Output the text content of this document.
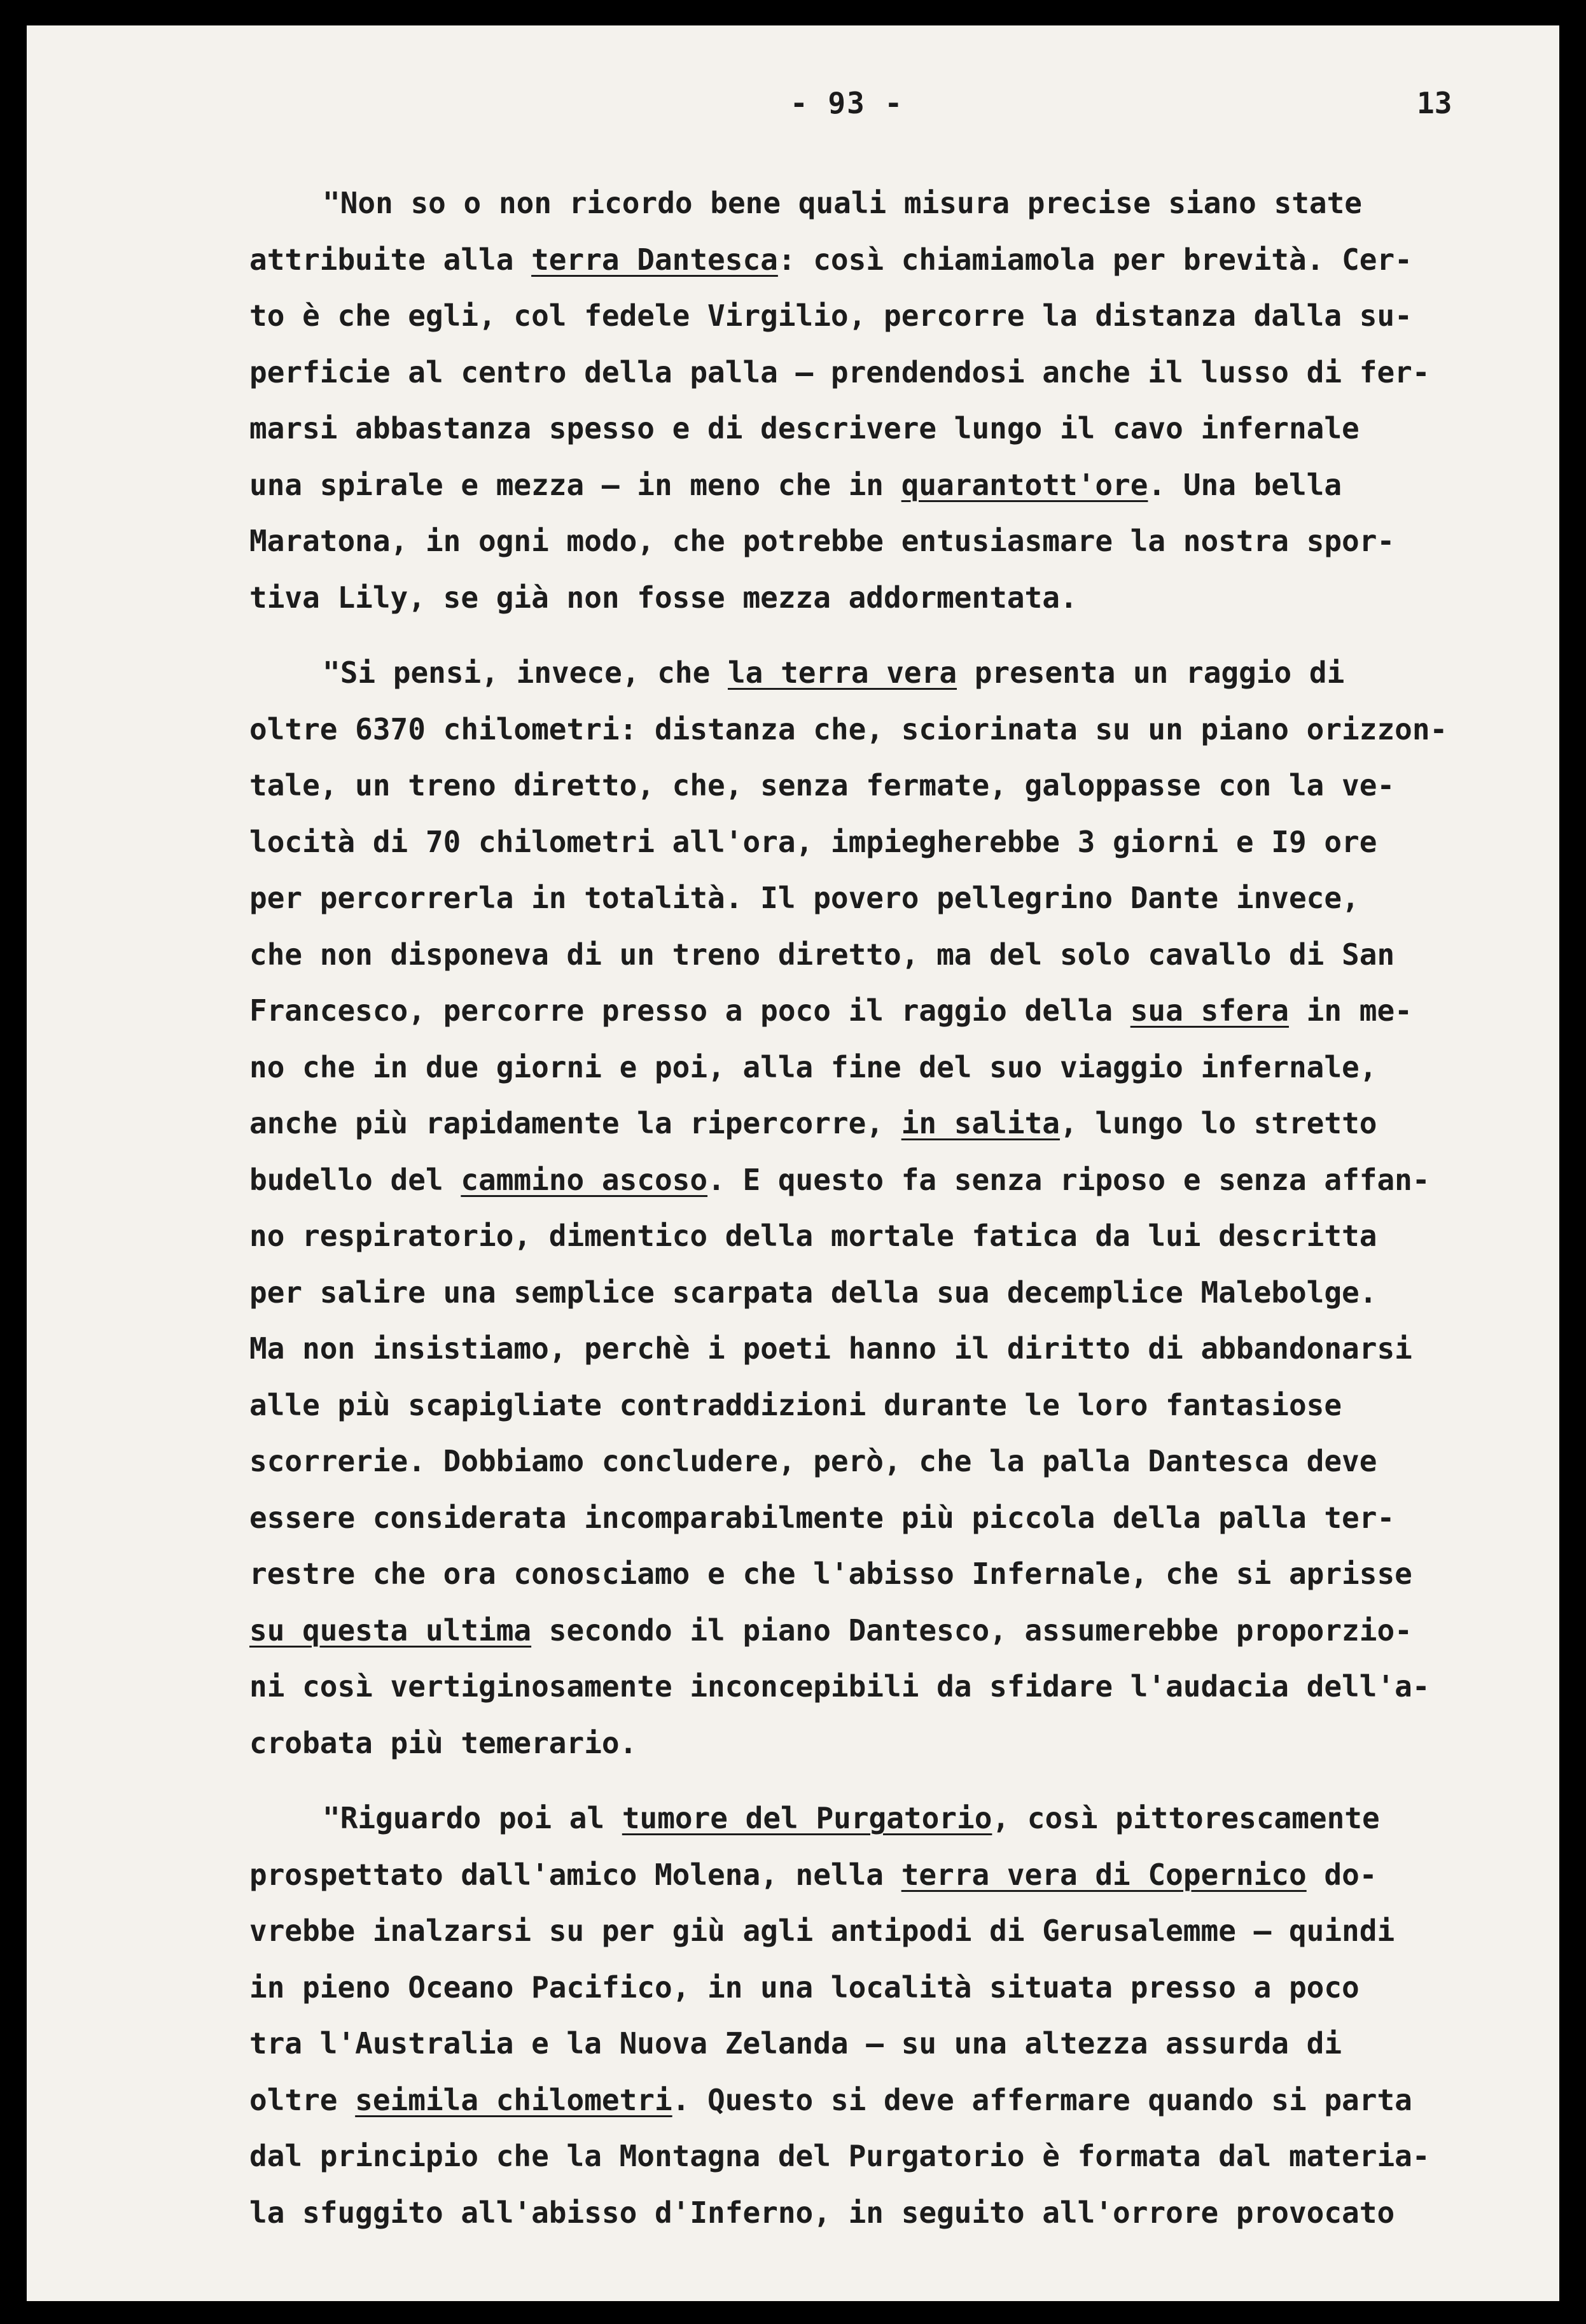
- 93 -	13
"Non so o non ricordo bene quali misura precise siano state
attribuite alla terra Dantesca: così chiamiamola per brevità. Cer-
to è che egli, col fedele Virgilio, percorre la distanza dalla su-
perficie al centro della palla — prendendosi anche il lusso di fer-
marsi abbastanza spesso e di descrivere lungo il cavo infernale
una spirale e mezza — in meno che in quarantott'ore. Una bella
Maratona, in ogni modo, che potrebbe entusiasmare la nostra spor-
tiva Lily, se già non fosse mezza addormentata.
"Si pensi, invece, che la terra vera presenta un raggio di
oltre 6370 chilometri: distanza che, sciorinata su un piano orizzon-
tale, un treno diretto, che, senza fermate, galoppasse con la ve-
locità di 70 chilometri all'ora, impiegherebbe 3 giorni e I9 ore
per percorrerla in totalità. Il povero pellegrino Dante invece,
che non disponeva di un treno diretto, ma del solo cavallo di San
Francesco, percorre presso a poco il raggio della sua sfera in me-
no che in due giorni e poi, alla fine del suo viaggio infernale,
anche più rapidamente la ripercorre, in salita, lungo lo stretto
budello del cammino ascoso. E questo fa senza riposo e senza affan-
no respiratorio, dimentico della mortale fatica da lui descritta
per salire una semplice scarpata della sua decemplice Malebolge.
Ma non insistiamo, perchè i poeti hanno il diritto di abbandonarsi
alle più scapigliate contraddizioni durante le loro fantasiose
scorrerie. Dobbiamo concludere, però, che la palla Dantesca deve
essere considerata incomparabilmente più piccola della palla ter-
restre che ora conosciamo e che l'abisso Infernale, che si aprisse
su questa ultima secondo il piano Dantesco, assumerebbe proporzio-
ni così vertiginosamente inconcepibili da sfidare l'audacia dell'a-
crobata più temerario.
"Riguardo poi al tumore del Purgatorio, così pittorescamente
prospettato dall'amico Molena, nella terra vera di Copernico do-
vrebbe inalzarsi su per giù agli antipodi di Gerusalemme — quindi
in pieno Oceano Pacifico, in una località situata presso a poco
tra l'Australia e la Nuova Zelanda — su una altezza assurda di
oltre seimila chilometri. Questo si deve affermare quando si parta
dal principio che la Montagna del Purgatorio è formata dal materia-
la sfuggito all'abisso d'Inferno, in seguito all'orrore provocato
